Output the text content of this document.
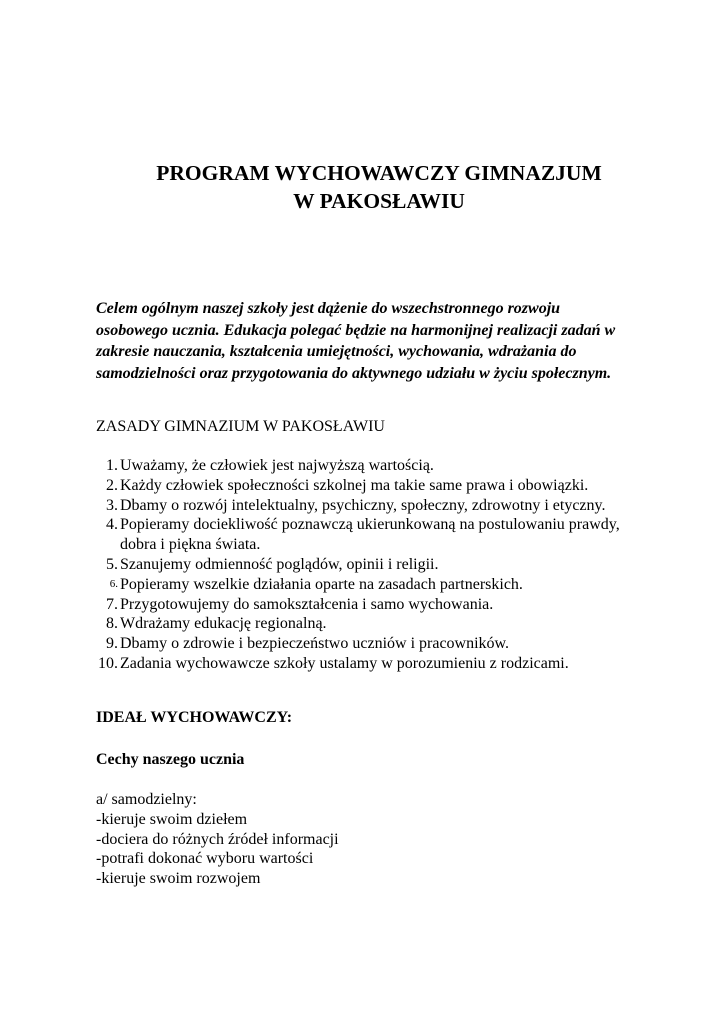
PROGRAM WYCHOWAWCZY GIMNAZJUM
W PAKOSŁAWIU
Celem ogólnym naszej szkoły jest dążenie do wszechstronnego rozwoju
osobowego ucznia. Edukacja polegać będzie na harmonijnej realizacji zadań w
zakresie nauczania, kształcenia umiejętności, wychowania, wdrażania do
samodzielności oraz przygotowania do aktywnego udziału w życiu społecznym.
ZASADY GIMNAZIUM W PAKOSŁAWIU
1. Uważamy, że człowiek jest najwyższą wartością.
2. Każdy człowiek społeczności szkolnej ma takie same prawa i obowiązki.
3. Dbamy o rozwój intelektualny, psychiczny, społeczny, zdrowotny i etyczny.
4. Popieramy dociekliwość poznawczą ukierunkowaną na postulowaniu prawdy,
dobra i piękna świata.
5. Szanujemy odmienność poglądów, opinii i religii.
6. Popieramy wszelkie działania oparte na zasadach partnerskich.
7. Przygotowujemy do samokształcenia i samo wychowania.
8. Wdrażamy edukację regionalną.
9. Dbamy o zdrowie i bezpieczeństwo uczniów i pracowników.
10. Zadania wychowawcze szkoły ustalamy w porozumieniu z rodzicami.
IDEAŁ WYCHOWAWCZY:
Cechy naszego ucznia
a/ samodzielny:
-kieruje swoim dziełem
-dociera do różnych źródeł informacji
-potrafi dokonać wyboru wartości
-kieruje swoim rozwojem
